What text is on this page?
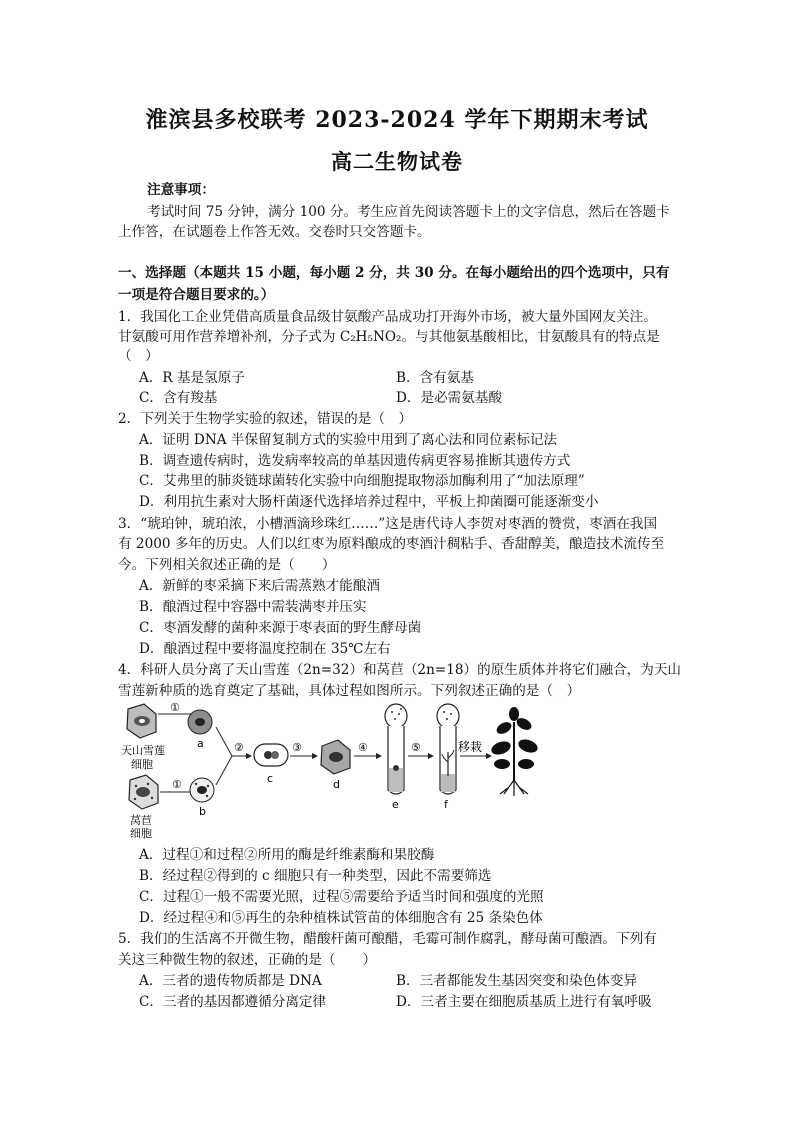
淮滨县多校联考 2023-2024 学年下期期末考试
高二生物试卷
注意事项：
考试时间 75 分钟，满分 100 分。考生应首先阅读答题卡上的文字信息，然后在答题卡
上作答，在试题卷上作答无效。交卷时只交答题卡。
一、选择题（本题共 15 小题，每小题 2 分，共 30 分。在每小题给出的四个选项中，只有
一项是符合题目要求的。）
1．我国化工企业凭借高质量食品级甘氨酸产品成功打开海外市场，被大量外国网友关注。
甘氨酸可用作营养增补剂，分子式为 C₂H₅NO₂。与其他氨基酸相比，甘氨酸具有的特点是
（　）
A．R 基是氢原子	B．含有氨基
C．含有羧基	D．是必需氨基酸
2．下列关于生物学实验的叙述，错误的是（　）
A．证明 DNA 半保留复制方式的实验中用到了离心法和同位素标记法
B．调查遗传病时，选发病率较高的单基因遗传病更容易推断其遗传方式
C．艾弗里的肺炎链球菌转化实验中向细胞提取物添加酶利用了“加法原理”
D．利用抗生素对大肠杆菌逐代选择培养过程中，平板上抑菌圈可能逐渐变小
3．“琥珀钟，琥珀浓，小槽酒滴珍珠红……”这是唐代诗人李贺对枣酒的赞赏，枣酒在我国
有 2000 多年的历史。人们以红枣为原料酿成的枣酒汁稠粘手、香甜醇美，酿造技术流传至
今。下列相关叙述正确的是（　　）
A．新鲜的枣采摘下来后需蒸熟才能酿酒
B．酿酒过程中容器中需装满枣并压实
C．枣酒发酵的菌种来源于枣表面的野生酵母菌
D．酿酒过程中要将温度控制在 35℃左右
4．科研人员分离了天山雪莲（2n=32）和莴苣（2n=18）的原生质体并将它们融合，为天山
雪莲新种质的选育奠定了基础，具体过程如图所示。下列叙述正确的是（　）
①
a
天山雪莲
细胞
①
b
莴苣
细胞
②
c
③
d
④
e
⑤
f
移栽
A．过程①和过程②所用的酶是纤维素酶和果胶酶
B．经过程②得到的 c 细胞只有一种类型，因此不需要筛选
C．过程①一般不需要光照，过程⑤需要给予适当时间和强度的光照
D．经过程④和⑤再生的杂种植株试管苗的体细胞含有 25 条染色体
5．我们的生活离不开微生物，醋酸杆菌可酿醋，毛霉可制作腐乳，酵母菌可酿酒。下列有
关这三种微生物的叙述，正确的是（　　）
A．三者的遗传物质都是 DNA	B．三者都能发生基因突变和染色体变异
C．三者的基因都遵循分离定律	D．三者主要在细胞质基质上进行有氧呼吸
